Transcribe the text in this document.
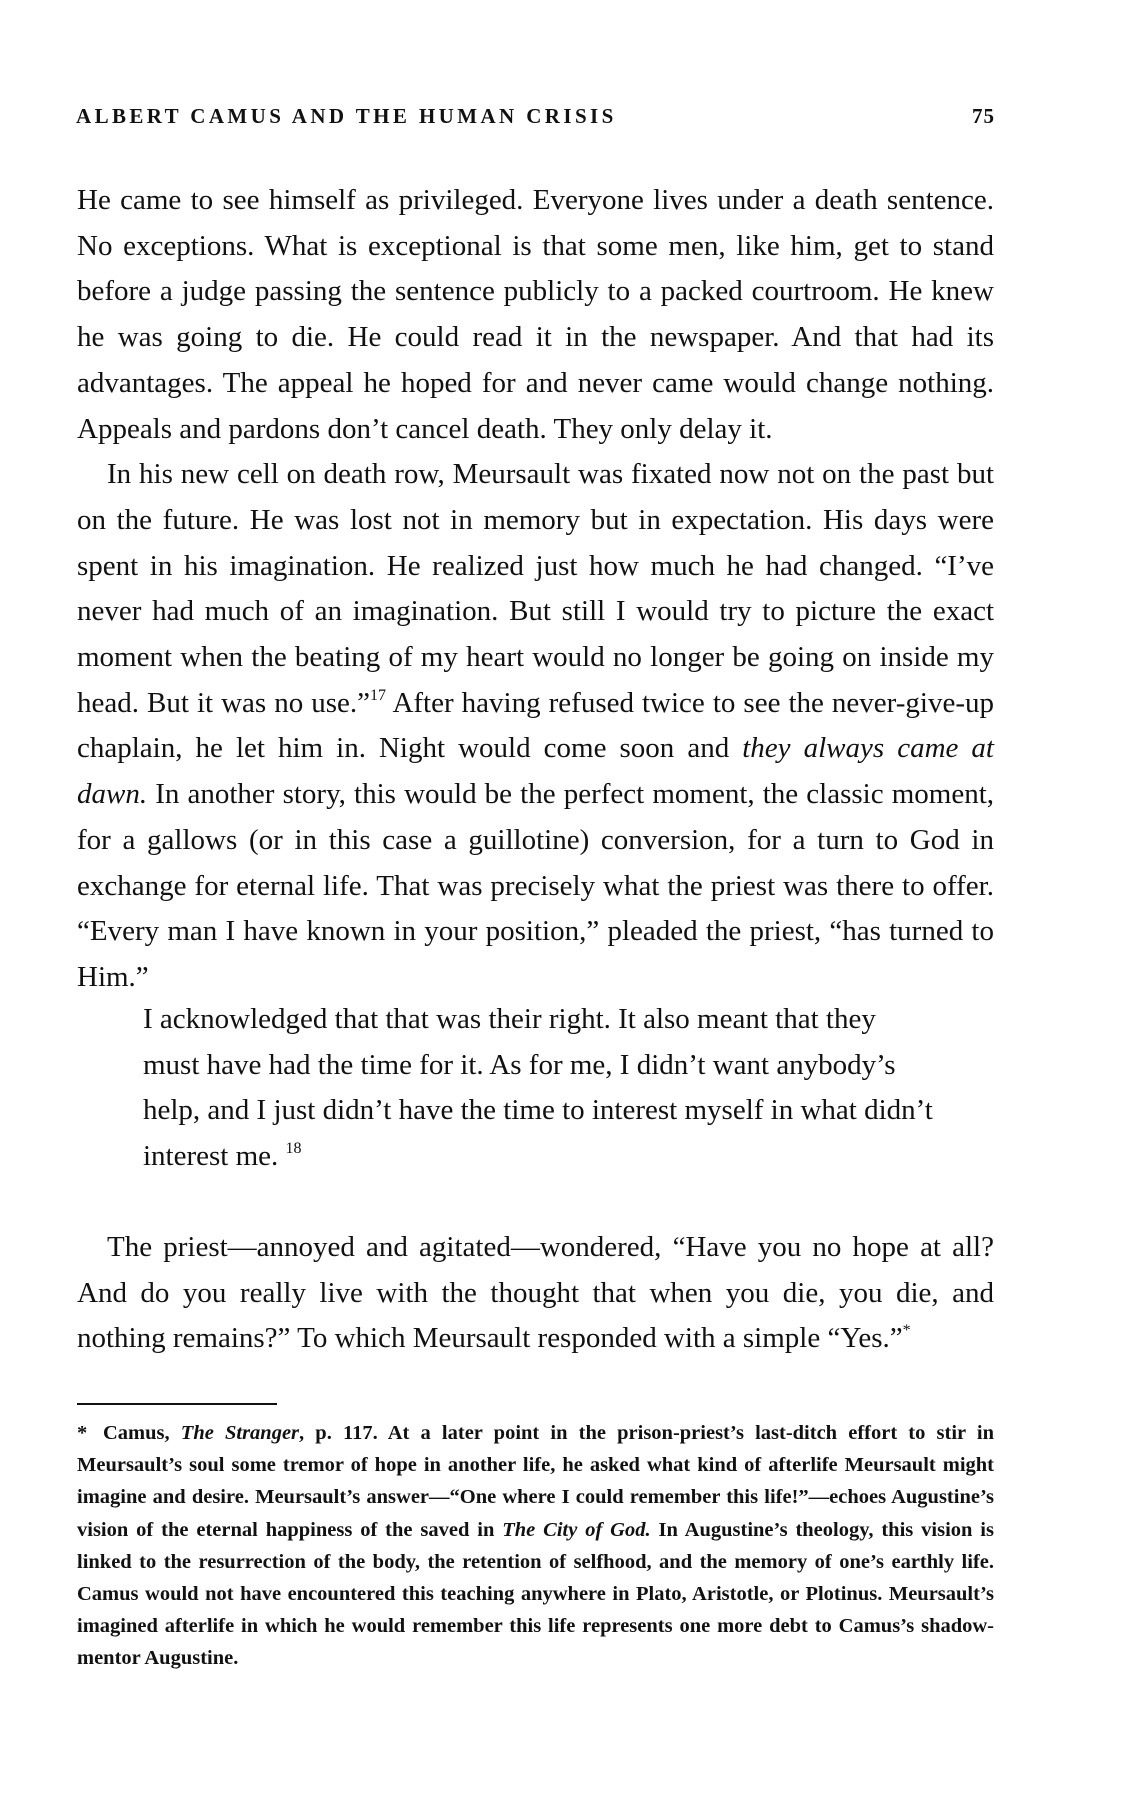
ALBERT CAMUS AND THE HUMAN CRISIS	75

He came to see himself as privileged. Everyone lives under a death sentence. No exceptions. What is exceptional is that some men, like him, get to stand before a judge passing the sentence publicly to a packed courtroom. He knew he was going to die. He could read it in the newspaper. And that had its advantages. The appeal he hoped for and never came would change nothing. Appeals and pardons don’t cancel death. They only delay it.

In his new cell on death row, Meursault was fixated now not on the past but on the future. He was lost not in memory but in expectation. His days were spent in his imagination. He realized just how much he had changed. “I’ve never had much of an imagination. But still I would try to picture the exact moment when the beating of my heart would no longer be going on inside my head. But it was no use.”$^{17}$ After having refused twice to see the never-give-up chaplain, he let him in. Night would come soon and they always came at dawn. In another story, this would be the perfect moment, the classic moment, for a gallows (or in this case a guillotine) conversion, for a turn to God in exchange for eternal life. That was precisely what the priest was there to offer. “Every man I have known in your position,” pleaded the priest, “has turned to Him.”

I acknowledged that that was their right. It also meant that they must have had the time for it. As for me, I didn’t want anybody’s help, and I just didn’t have the time to interest myself in what didn’t interest me. $^{18}$

The priest—annoyed and agitated—wondered, “Have you no hope at all? And do you really live with the thought that when you die, you die, and nothing remains?” To which Meursault responded with a simple “Yes.”*

* Camus, The Stranger, p. 117. At a later point in the prison-priest’s last-ditch effort to stir in Meursault’s soul some tremor of hope in another life, he asked what kind of afterlife Meursault might imagine and desire. Meursault’s answer—“One where I could remember this life!”—echoes Augustine’s vision of the eternal happiness of the saved in The City of God. In Augustine’s theology, this vision is linked to the resurrection of the body, the retention of selfhood, and the memory of one’s earthly life. Camus would not have encountered this teaching anywhere in Plato, Aristotle, or Plotinus. Meursault’s imagined afterlife in which he would remember this life represents one more debt to Camus’s shadow-mentor Augustine.
